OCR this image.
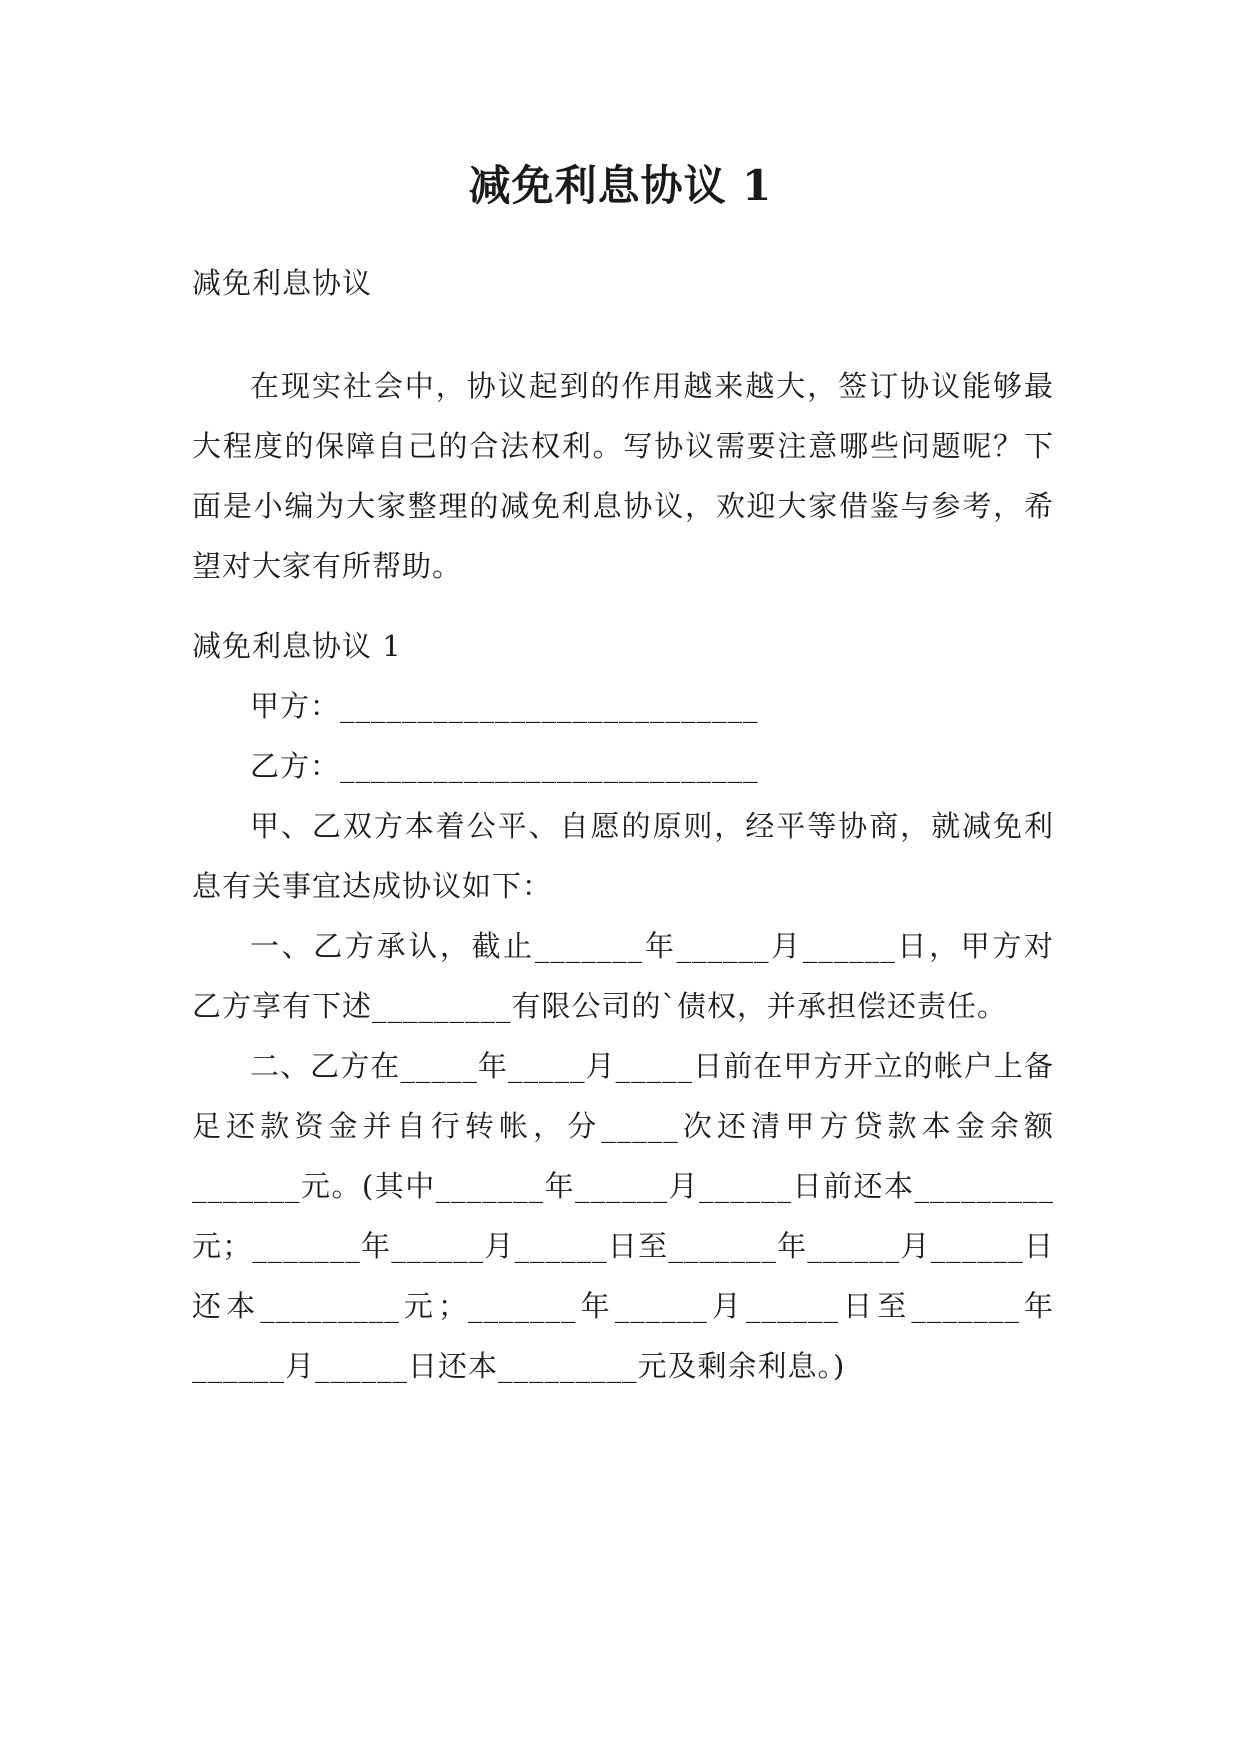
减免利息协议 1

减免利息协议

在现实社会中，协议起到的作用越来越大，签订协议能够最大程度的保障自己的合法权利。写协议需要注意哪些问题呢？下面是小编为大家整理的减免利息协议，欢迎大家借鉴与参考，希望对大家有所帮助。

减免利息协议 1

甲方：___________________________

乙方：___________________________

甲、乙双方本着公平、自愿的原则，经平等协商，就减免利息有关事宜达成协议如下：

一、乙方承认，截止_______年______月______日，甲方对乙方享有下述_________有限公司的`债权，并承担偿还责任。

二、乙方在_____年_____月_____日前在甲方开立的帐户上备足还款资金并自行转帐，分_____次还清甲方贷款本金余额_______元。(其中_______年______月______日前还本_________元；_______年______月______日至_______年______月______日还本_________元；_______年______月______日至_______年______月______日还本_________元及剩余利息。)
